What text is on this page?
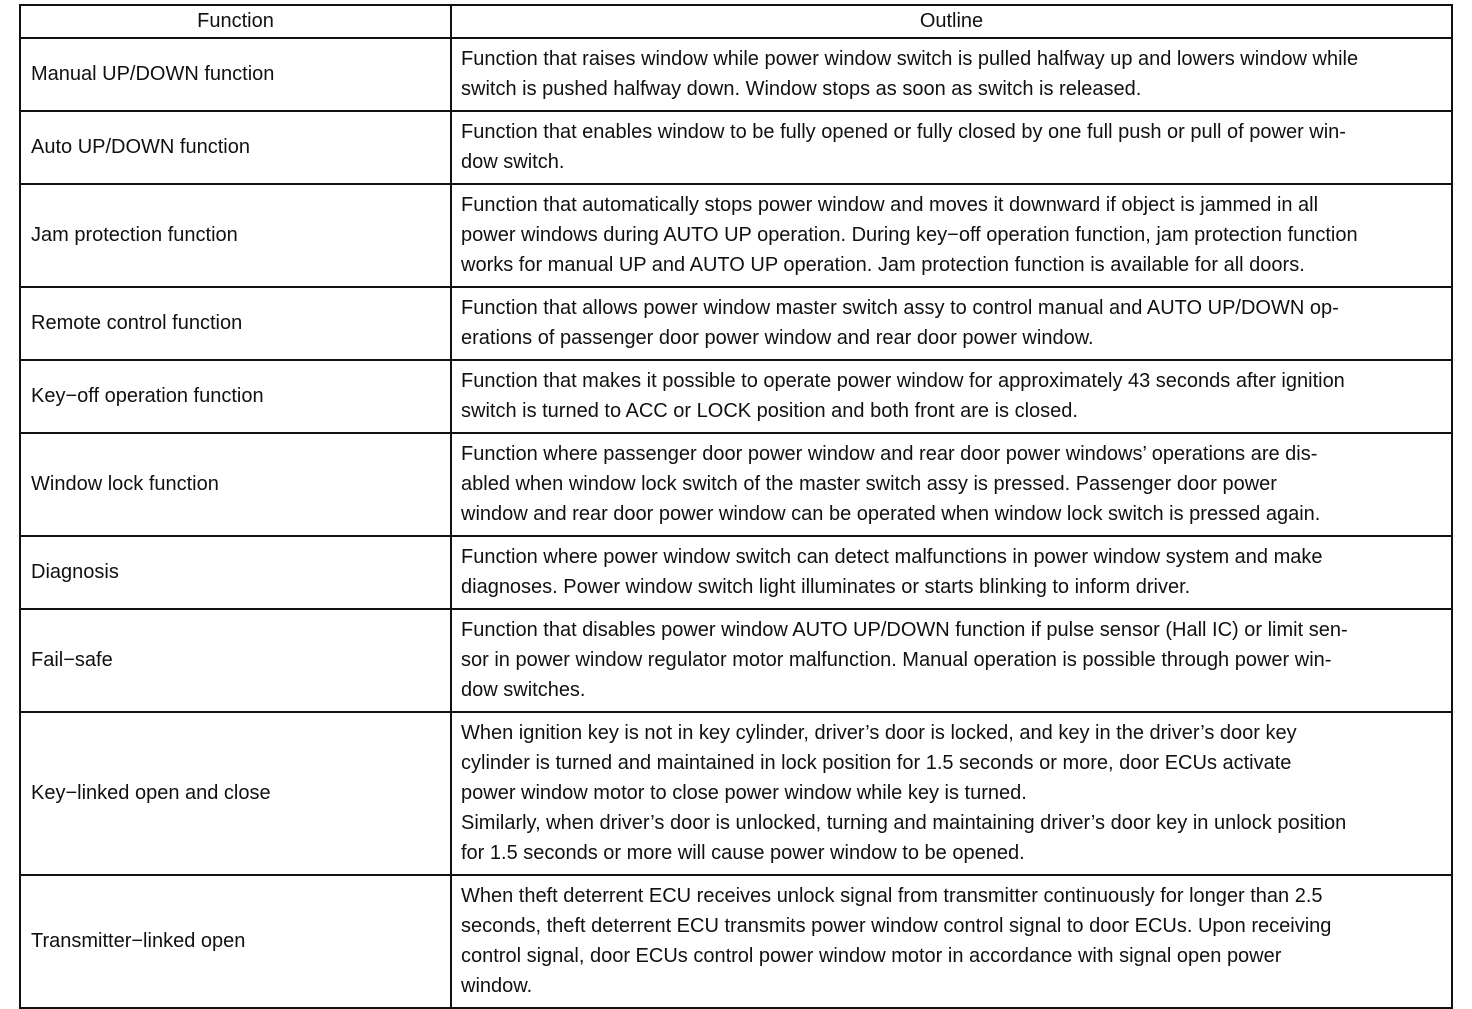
Function	Outline
Manual UP/DOWN function	Function that raises window while power window switch is pulled halfway up and lowers window while
switch is pushed halfway down. Window stops as soon as switch is released.

Auto UP/DOWN function	Function that enables window to be fully opened or fully closed by one full push or pull of power win-
dow switch.

Jam protection function	Function that automatically stops power window and moves it downward if object is jammed in all
power windows during AUTO UP operation. During key−off operation function, jam protection function
works for manual UP and AUTO UP operation. Jam protection function is available for all doors.

Remote control function	Function that allows power window master switch assy to control manual and AUTO UP/DOWN op-
erations of passenger door power window and rear door power window.

Key−off operation function	Function that makes it possible to operate power window for approximately 43 seconds after ignition
switch is turned to ACC or LOCK position and both front are is closed.

Window lock function	Function where passenger door power window and rear door power windows’ operations are dis-
abled when window lock switch of the master switch assy is pressed. Passenger door power
window and rear door power window can be operated when window lock switch is pressed again.

Diagnosis	Function where power window switch can detect malfunctions in power window system and make
diagnoses. Power window switch light illuminates or starts blinking to inform driver.

Fail−safe	Function that disables power window AUTO UP/DOWN function if pulse sensor (Hall IC) or limit sen-
sor in power window regulator motor malfunction. Manual operation is possible through power win-
dow switches.

Key−linked open and close	When ignition key is not in key cylinder, driver’s door is locked, and key in the driver’s door key
cylinder is turned and maintained in lock position for 1.5 seconds or more, door ECUs activate
power window motor to close power window while key is turned.
Similarly, when driver’s door is unlocked, turning and maintaining driver’s door key in unlock position
for 1.5 seconds or more will cause power window to be opened.

Transmitter−linked open	When theft deterrent ECU receives unlock signal from transmitter continuously for longer than 2.5
seconds, theft deterrent ECU transmits power window control signal to door ECUs. Upon receiving
control signal, door ECUs control power window motor in accordance with signal open power
window.
